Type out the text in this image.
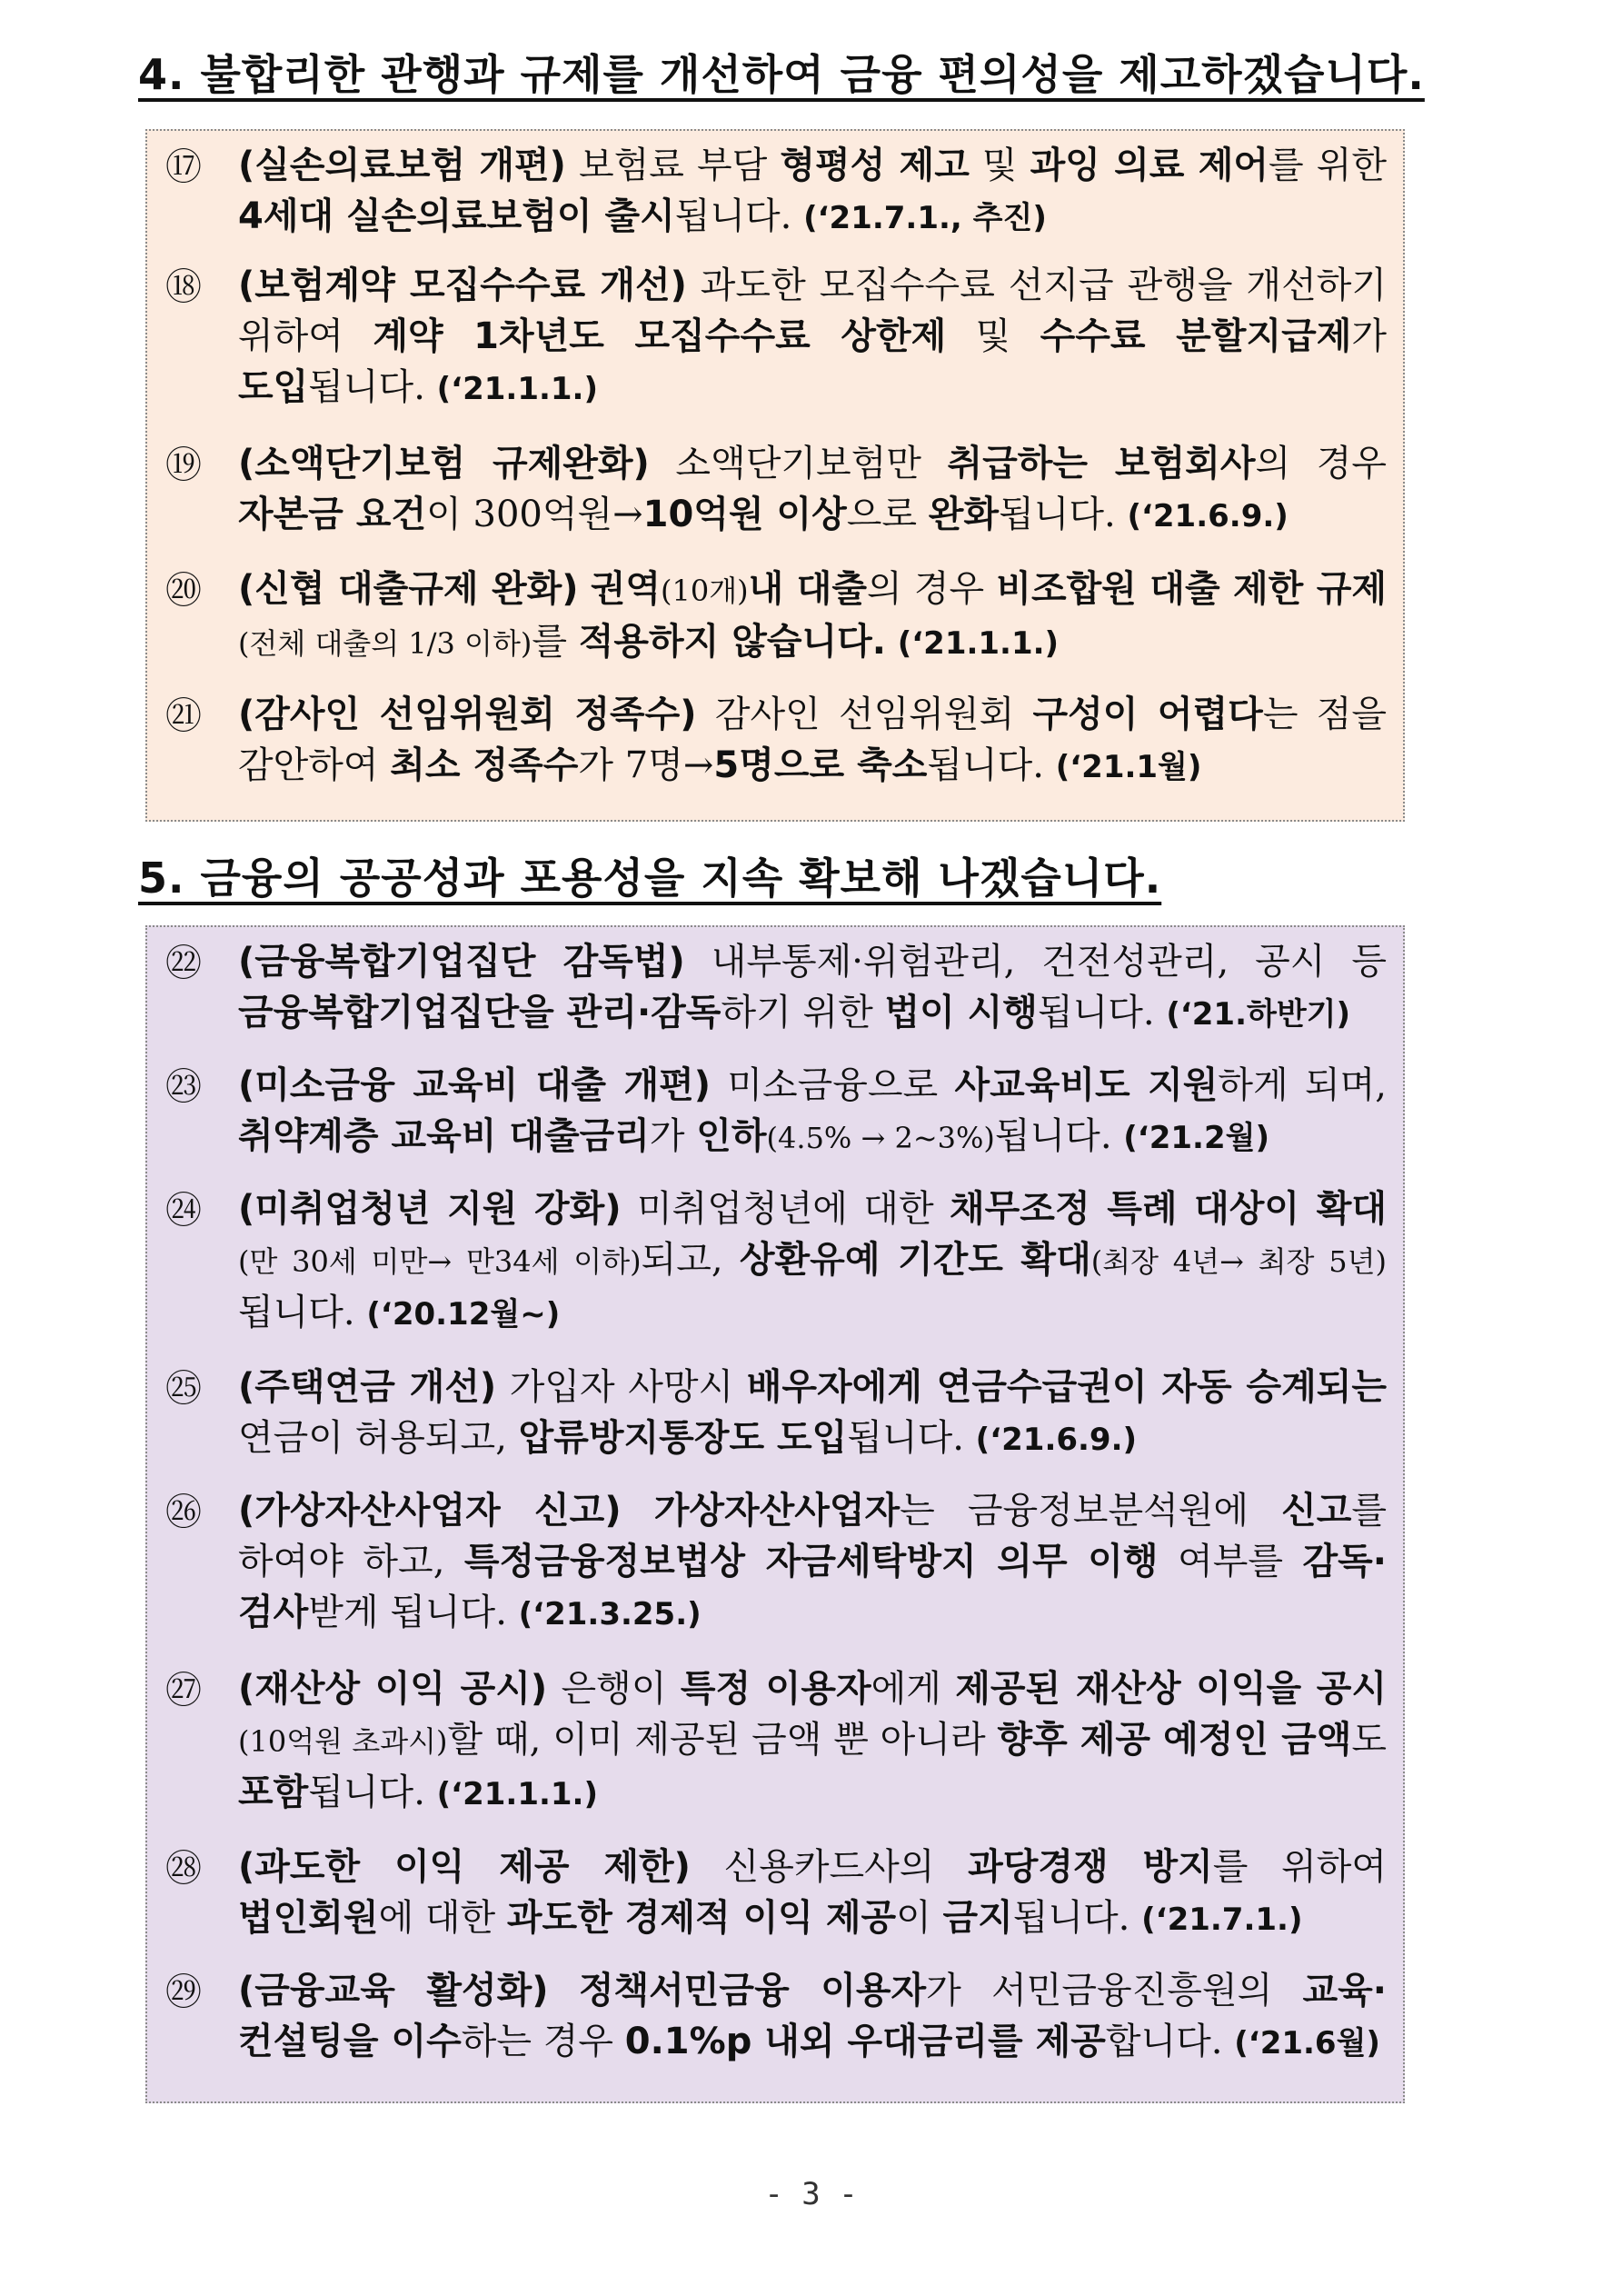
4. 불합리한 관행과 규제를 개선하여 금융 편의성을 제고하겠습니다.
⑰ (실손의료보험 개편) 보험료 부담 형평성 제고 및 과잉 의료 제어를 위한 4세대 실손의료보험이 출시됩니다. (‘21.7.1., 추진)
⑱ (보험계약 모집수수료 개선) 과도한 모집수수료 선지급 관행을 개선하기 위하여 계약 1차년도 모집수수료 상한제 및 수수료 분할지급제가 도입됩니다. (‘21.1.1.)
⑲ (소액단기보험 규제완화) 소액단기보험만 취급하는 보험회사의 경우 자본금 요건이 300억원→10억원 이상으로 완화됩니다. (‘21.6.9.)
⑳ (신협 대출규제 완화) 권역(10개)내 대출의 경우 비조합원 대출 제한 규제(전체 대출의 1/3 이하)를 적용하지 않습니다. (‘21.1.1.)
㉑ (감사인 선임위원회 정족수) 감사인 선임위원회 구성이 어렵다는 점을 감안하여 최소 정족수가 7명→5명으로 축소됩니다. (‘21.1월)
5. 금융의 공공성과 포용성을 지속 확보해 나겠습니다.
㉒ (금융복합기업집단 감독법) 내부통제·위험관리, 건전성관리, 공시 등 금융복합기업집단을 관리·감독하기 위한 법이 시행됩니다. (‘21.하반기)
㉓ (미소금융 교육비 대출 개편) 미소금융으로 사교육비도 지원하게 되며, 취약계층 교육비 대출금리가 인하(4.5% → 2~3%)됩니다. (‘21.2월)
㉔ (미취업청년 지원 강화) 미취업청년에 대한 채무조정 특례 대상이 확대(만 30세 미만→ 만34세 이하)되고, 상환유예 기간도 확대(최장 4년→ 최장 5년)됩니다. (‘20.12월~)
㉕ (주택연금 개선) 가입자 사망시 배우자에게 연금수급권이 자동 승계되는 연금이 허용되고, 압류방지통장도 도입됩니다. (‘21.6.9.)
㉖ (가상자산사업자 신고) 가상자산사업자는 금융정보분석원에 신고를 하여야 하고, 특정금융정보법상 자금세탁방지 의무 이행 여부를 감독·검사받게 됩니다. (‘21.3.25.)
㉗ (재산상 이익 공시) 은행이 특정 이용자에게 제공된 재산상 이익을 공시(10억원 초과시)할 때, 이미 제공된 금액 뿐 아니라 향후 제공 예정인 금액도 포함됩니다. (‘21.1.1.)
㉘ (과도한 이익 제공 제한) 신용카드사의 과당경쟁 방지를 위하여 법인회원에 대한 과도한 경제적 이익 제공이 금지됩니다. (‘21.7.1.)
㉙ (금융교육 활성화) 정책서민금융 이용자가 서민금융진흥원의 교육·컨설팅을 이수하는 경우 0.1%p 내외 우대금리를 제공합니다. (‘21.6월)
- 3 -
